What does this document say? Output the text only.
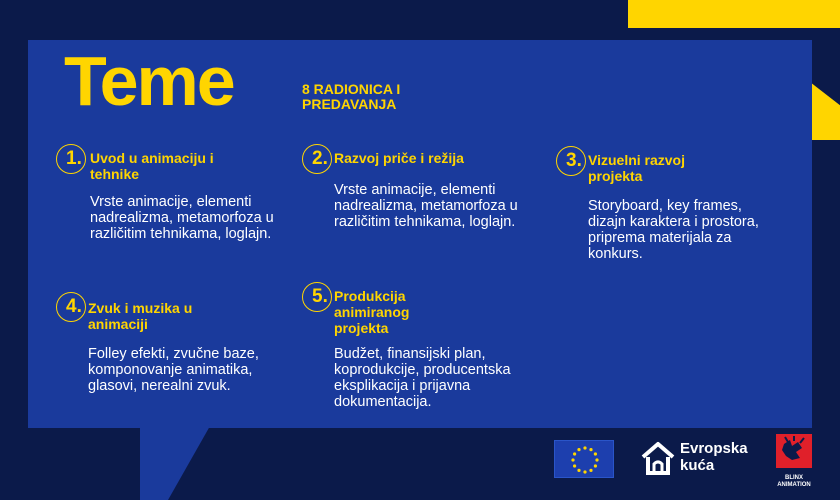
Teme	8 RADIONICA I PREDAVANJA
1. Uvod u animaciju i tehnike
Vrste animacije, elementi nadrealizma, metamorfoza u različitim tehnikama, loglajn.
2. Razvoj priče i režija
Vrste animacije, elementi nadrealizma, metamorfoza u različitim tehnikama, loglajn.
3. Vizuelni razvoj projekta
Storyboard, key frames, dizajn karaktera i prostora, priprema materijala za konkurs.
4. Zvuk i muzika u animaciji
Folley efekti, zvučne baze, komponovanje animatika, glasovi, nerealni zvuk.
5. Produkcija animiranog projekta
Budžet, finansijski plan, koprodukcije, producentska eksplikacija i prijavna dokumentacija.
Evropska
kuća
BLINX
ANIMATION
